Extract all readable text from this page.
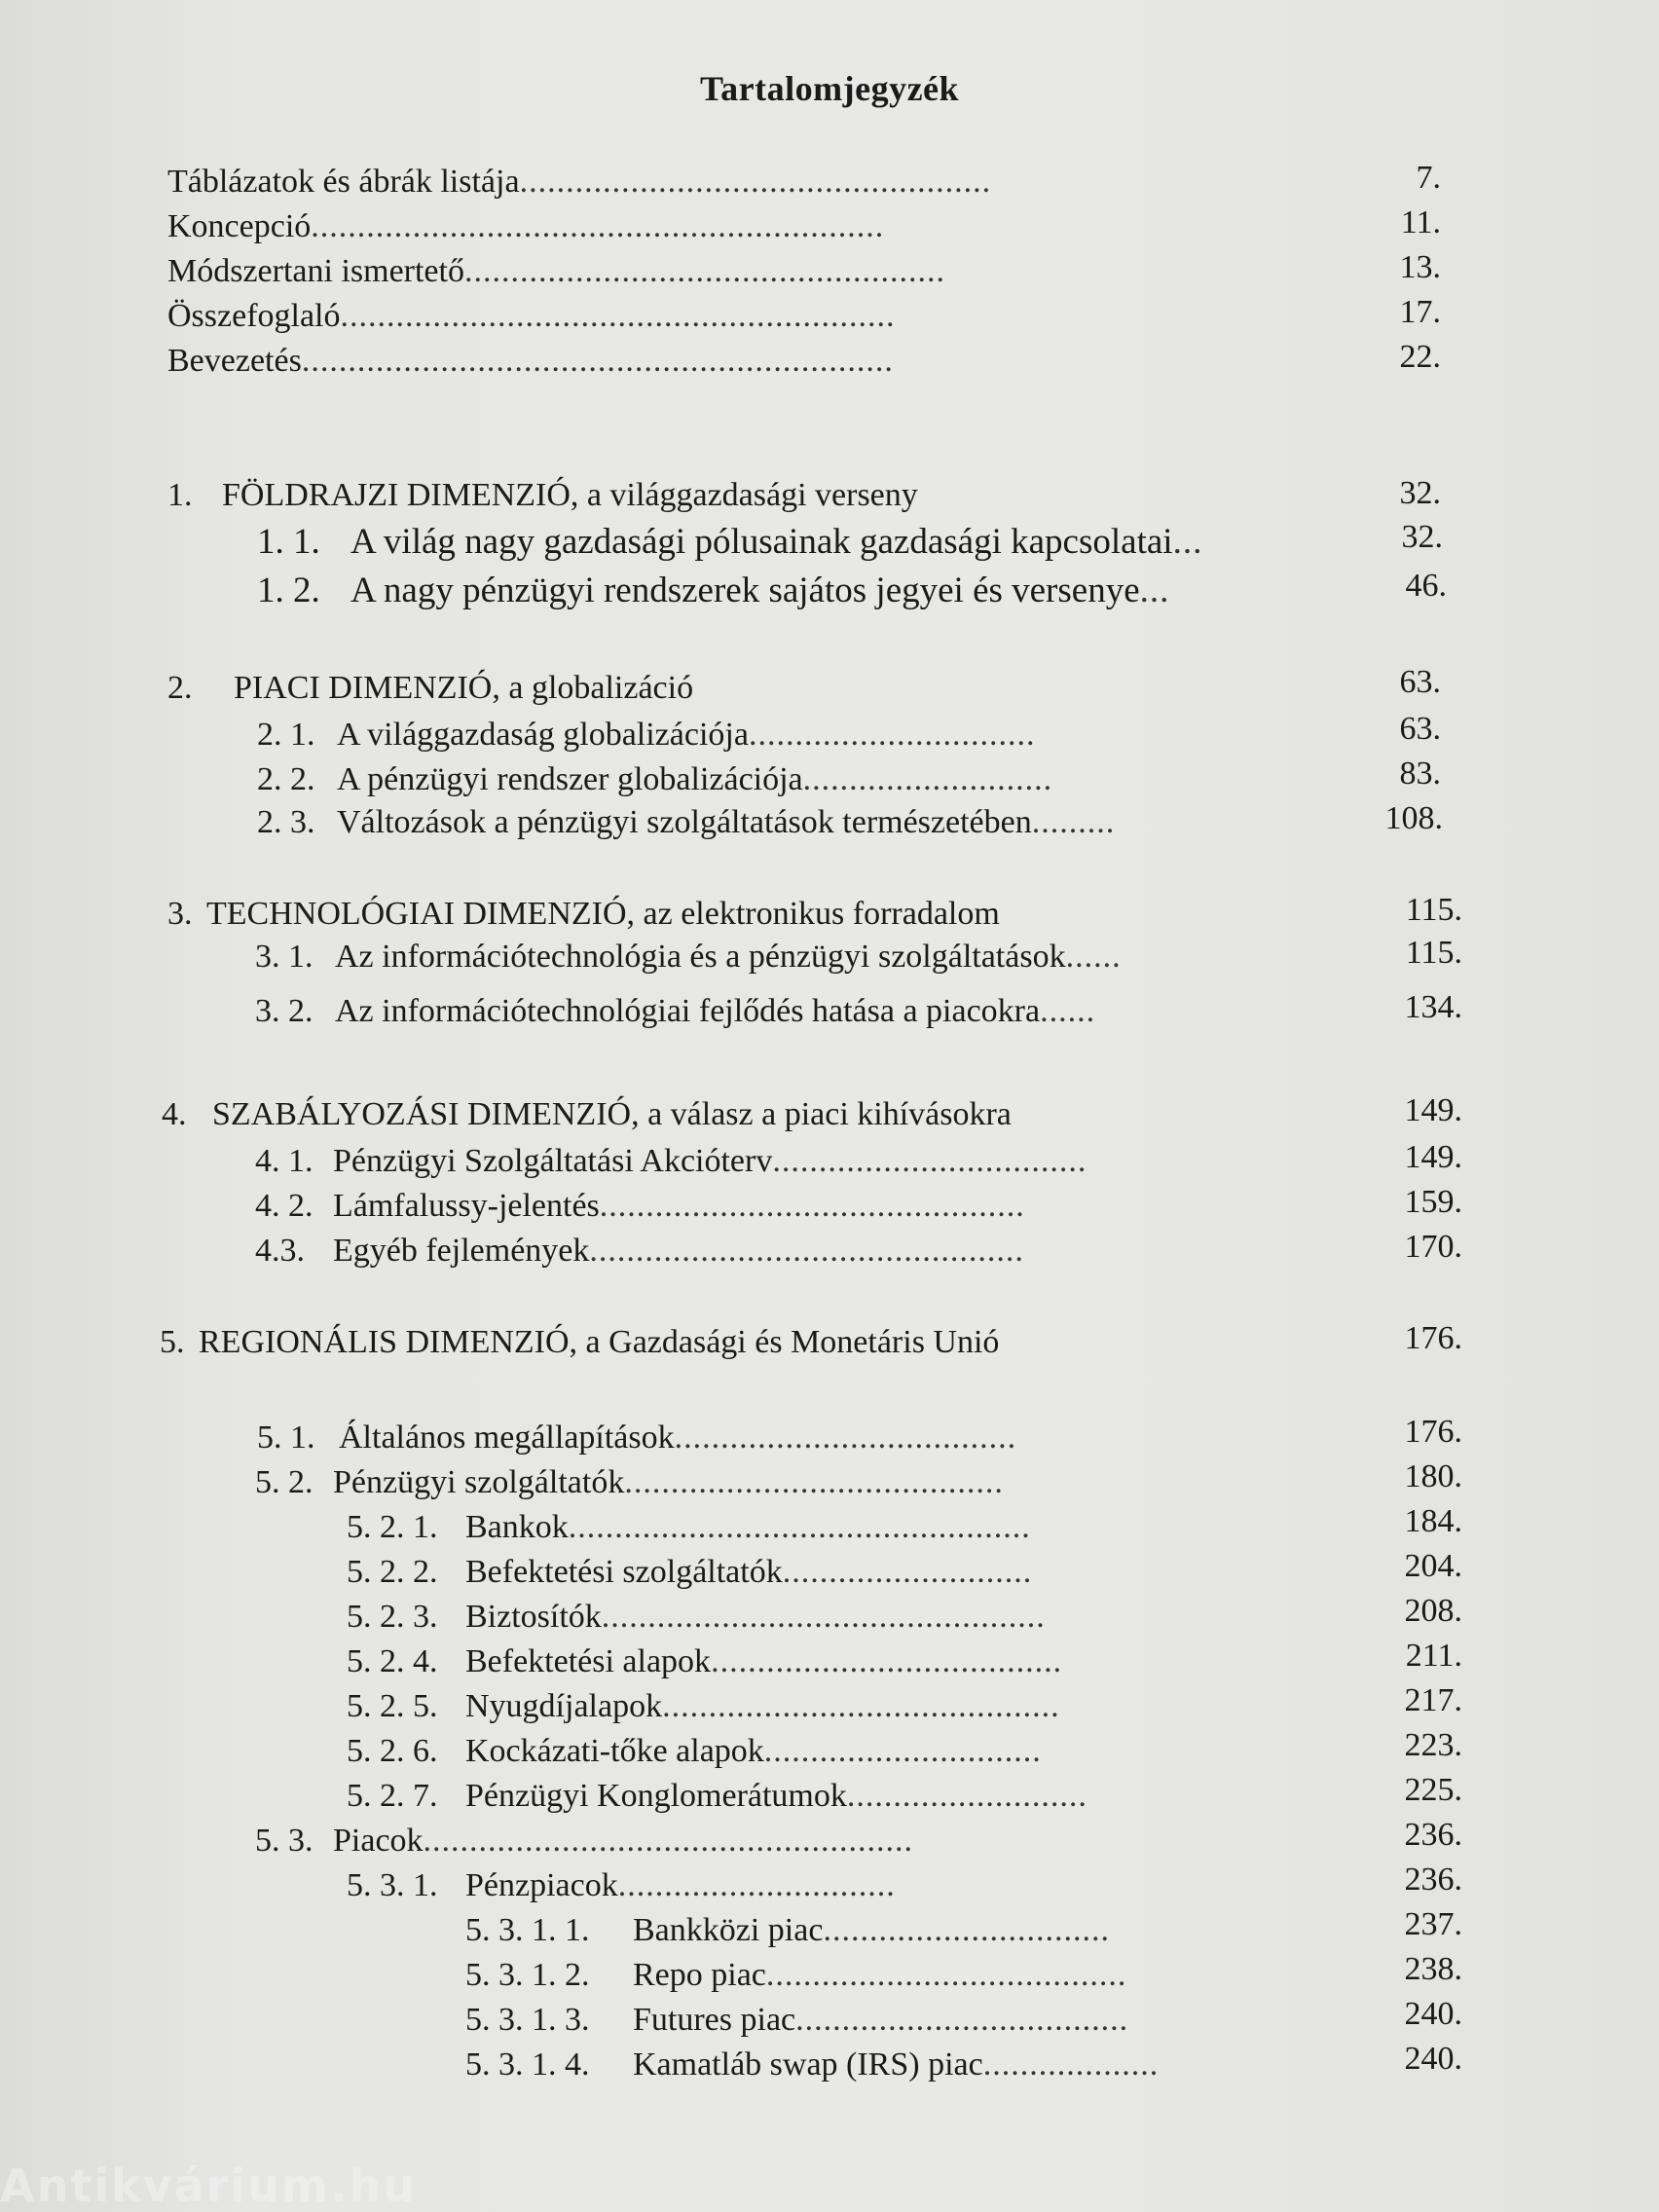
Tartalomjegyzék
Táblázatok és ábrák listája...................................................	7.
Koncepció..............................................................	11.
Módszertani ismertető....................................................	13.
Összefoglaló............................................................	17.
Bevezetés................................................................	22.
1. FÖLDRAJZI DIMENZIÓ, a világgazdasági verseny	32.
1. 1. A világ nagy gazdasági pólusainak gazdasági kapcsolatai...	32.
1. 2. A nagy pénzügyi rendszerek sajátos jegyei és versenye...	46.
2. PIACI DIMENZIÓ, a globalizáció	63.
2. 1. A világgazdaság globalizációja...............................	63.
2. 2. A pénzügyi rendszer globalizációja...........................	83.
2. 3. Változások a pénzügyi szolgáltatások természetében.........	108.
3. TECHNOLÓGIAI DIMENZIÓ, az elektronikus forradalom	115.
3. 1. Az információtechnológia és a pénzügyi szolgáltatások......	115.
3. 2. Az információtechnológiai fejlődés hatása a piacokra......	134.
4. SZABÁLYOZÁSI DIMENZIÓ, a válasz a piaci kihívásokra	149.
4. 1. Pénzügyi Szolgáltatási Akcióterv..................................	149.
4. 2. Lámfalussy-jelentés..............................................	159.
4.3. Egyéb fejlemények...............................................	170.
5. REGIONÁLIS DIMENZIÓ, a Gazdasági és Monetáris Unió	176.
5. 1. Általános megállapítások.....................................	176.
5. 2. Pénzügyi szolgáltatók.........................................	180.
5. 2. 1. Bankok..................................................	184.
5. 2. 2. Befektetési szolgáltatók...........................	204.
5. 2. 3. Biztosítók................................................	208.
5. 2. 4. Befektetési alapok......................................	211.
5. 2. 5. Nyugdíjalapok...........................................	217.
5. 2. 6. Kockázati-tőke alapok..............................	223.
5. 2. 7. Pénzügyi Konglomerátumok..........................	225.
5. 3. Piacok.....................................................	236.
5. 3. 1. Pénzpiacok..............................	236.
5. 3. 1. 1. Bankközi piac...............................	237.
5. 3. 1. 2. Repo piac.......................................	238.
5. 3. 1. 3. Futures piac....................................	240.
5. 3. 1. 4. Kamatláb swap (IRS) piac...................	240.
Antikvárium.hu
